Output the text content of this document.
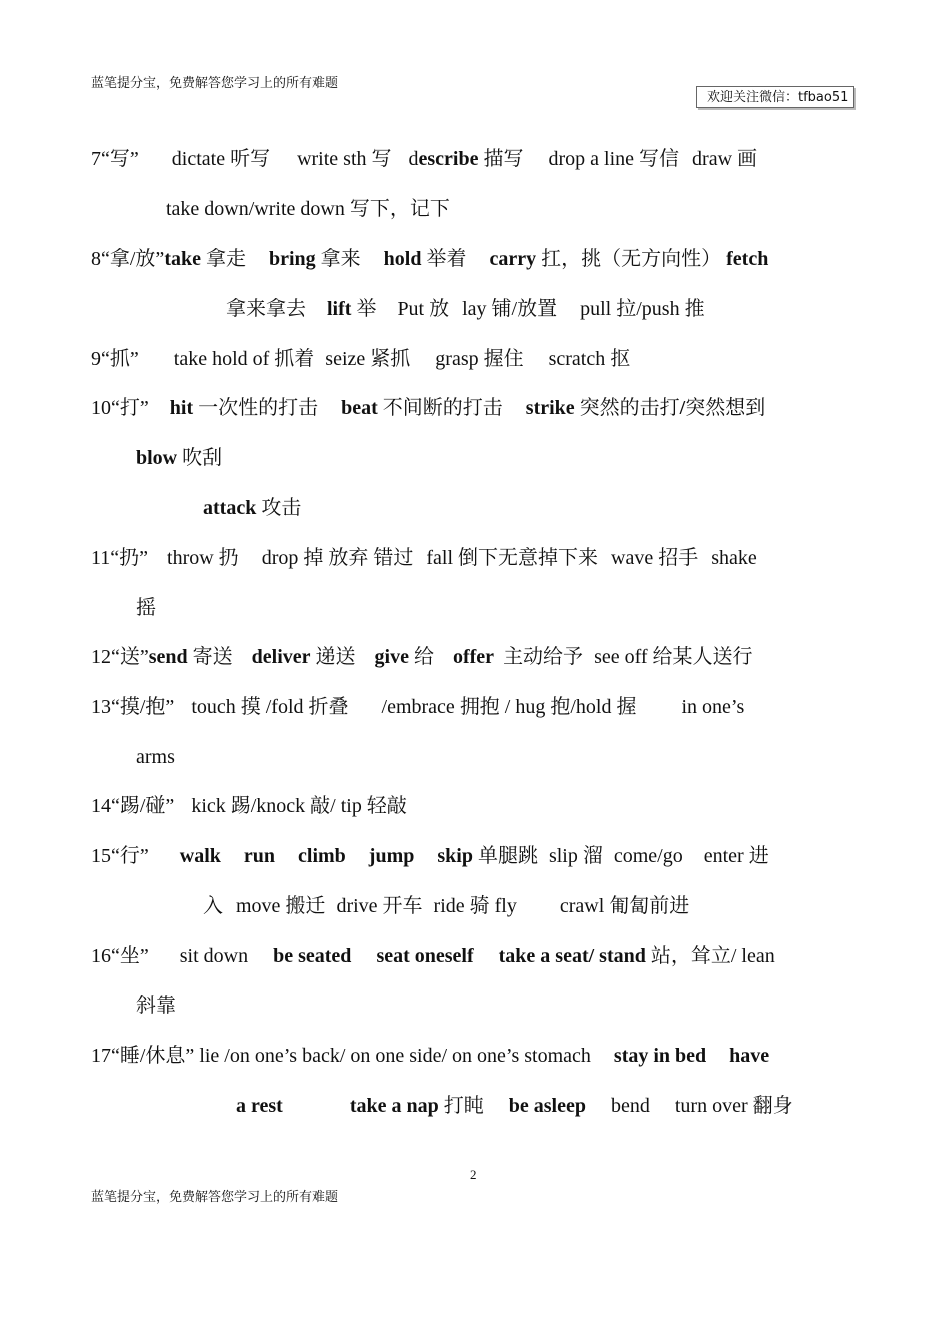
蓝笔提分宝，免费解答您学习上的所有难题
欢迎关注微信：tfbao51
7“写” dictate 听写 write sth 写 describe 描写 drop a line 写信 draw 画
take down/write down 写下，记下
8“拿/放”take 拿走 bring 拿来 hold 举着 carry 扛，挑（无方向性） fetch
拿来拿去 lift 举 Put 放 lay 铺/放置 pull 拉/push 推
9“抓” take hold of 抓着 seize 紧抓 grasp 握住 scratch 抠
10“打” hit 一次性的打击 beat 不间断的打击 strike 突然的击打/突然想到
blow 吹刮
attack 攻击
11“扔” throw 扔 drop 掉 放弃 错过 fall 倒下无意掉下来 wave 招手 shake
摇
12“送”send 寄送 deliver 递送 give 给 offer 主动给予 see off 给某人送行
13“摸/抱” touch 摸 /fold 折叠 /embrace 拥抱 / hug 抱/hold 握 in one’s
arms
14“踢/碰” kick 踢/knock 敲/ tip 轻敲
15“行” walk run climb jump skip 单腿跳 slip 溜 come/go enter 进
入 move 搬迁 drive 开车 ride 骑 fly crawl 匍匐前进
16“坐” sit down be seated seat oneself take a seat/ stand 站，耸立/ lean
斜靠
17“睡/休息” lie /on one’s back/ on one side/ on one’s stomach stay in bed have
a rest	take a nap 打盹 be asleep bend turn over 翻身
2
蓝笔提分宝，免费解答您学习上的所有难题
